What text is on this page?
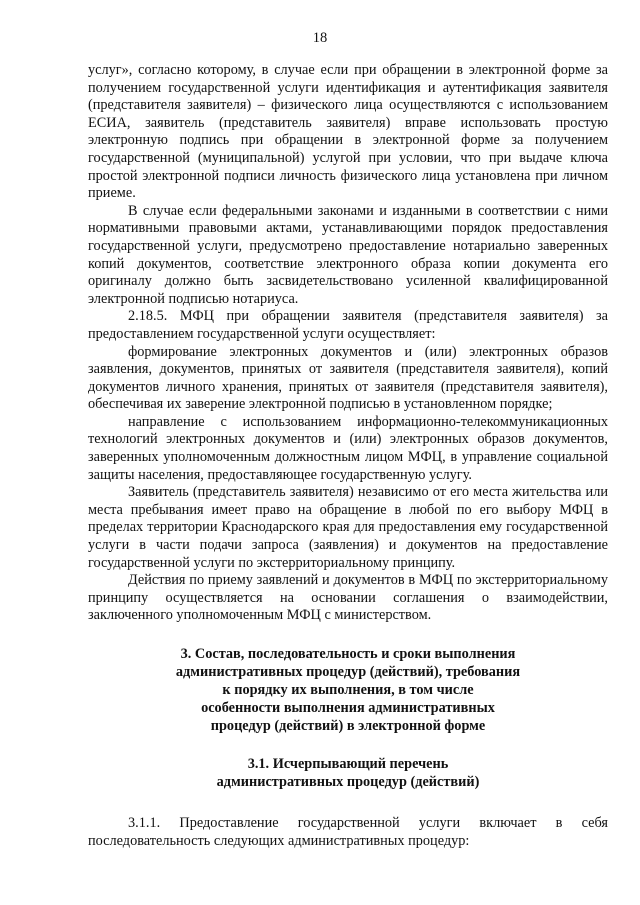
18

услуг», согласно которому, в случае если при обращении в электронной форме за получением государственной услуги идентификация и аутентификация заявителя (представителя заявителя) – физического лица осуществляются с использованием ЕСИА, заявитель (представитель заявителя) вправе использовать простую электронную подпись при обращении в электронной форме за получением государственной (муниципальной) услугой при условии, что при выдаче ключа простой электронной подписи личность физического лица установлена при личном приеме.

В случае если федеральными законами и изданными в соответствии с ними нормативными правовыми актами, устанавливающими порядок предоставления государственной услуги, предусмотрено предоставление нотариально заверенных копий документов, соответствие электронного образа копии документа его оригиналу должно быть засвидетельствовано усиленной квалифицированной электронной подписью нотариуса.

2.18.5. МФЦ при обращении заявителя (представителя заявителя) за предоставлением государственной услуги осуществляет:

формирование электронных документов и (или) электронных образов заявления, документов, принятых от заявителя (представителя заявителя), копий документов личного хранения, принятых от заявителя (представителя заявителя), обеспечивая их заверение электронной подписью в установленном порядке;

направление с использованием информационно-телекоммуникационных технологий электронных документов и (или) электронных образов документов, заверенных уполномоченным должностным лицом МФЦ, в управление социальной защиты населения, предоставляющее государственную услугу.

Заявитель (представитель заявителя) независимо от его места жительства или места пребывания имеет право на обращение в любой по его выбору МФЦ в пределах территории Краснодарского края для предоставления ему государственной услуги в части подачи запроса (заявления) и документов на предоставление государственной услуги по экстерриториальному принципу.

Действия по приему заявлений и документов в МФЦ по экстерриториальному принципу осуществляется на основании соглашения о взаимодействии, заключенного уполномоченным МФЦ с министерством.

3. Состав, последовательность и сроки выполнения

административных процедур (действий), требования

к порядку их выполнения, в том числе

особенности выполнения административных

процедур (действий) в электронной форме

3.1. Исчерпывающий перечень

административных процедур (действий)

3.1.1. Предоставление государственной услуги включает в себя последовательность следующих административных процедур:
